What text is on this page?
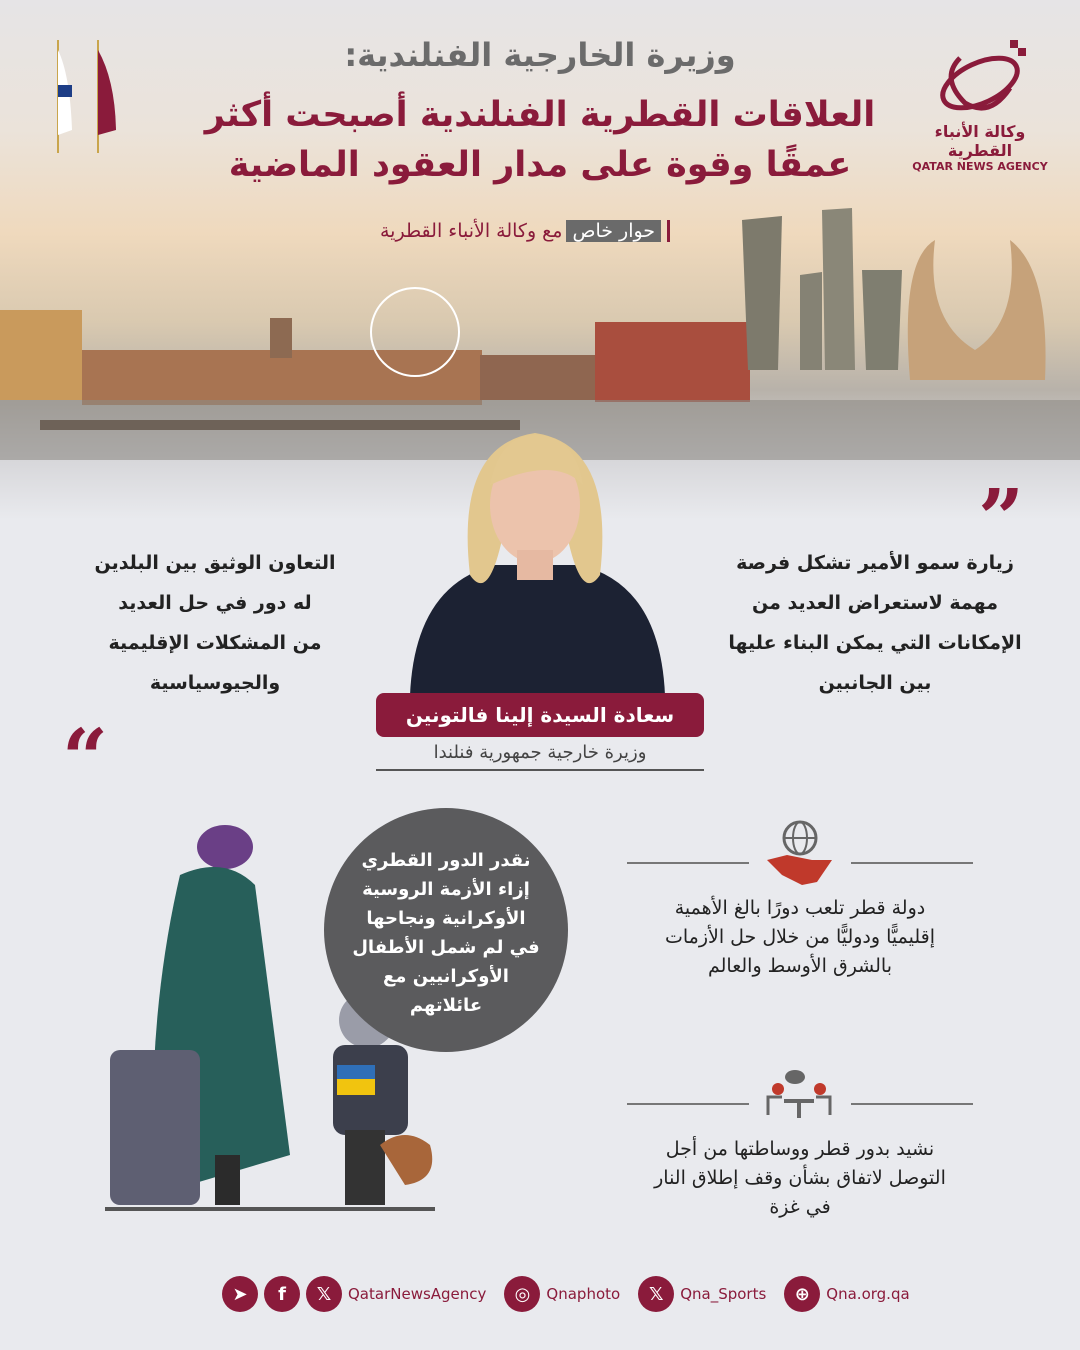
وكالة الأنباء القطرية
QATAR NEWS AGENCY
وزيرة الخارجية الفنلندية:
العلاقات القطرية الفنلندية أصبحت أكثر
عمقًا وقوة على مدار العقود الماضية
حوار خاص
مع وكالة الأنباء القطرية
”
زيارة سمو الأمير تشكل فرصة
مهمة لاستعراض العديد من
الإمكانات التي يمكن البناء عليها
بين الجانبين
التعاون الوثيق بين البلدين
له دور في حل العديد
من المشكلات الإقليمية
والجيوسياسية
“	سعادة السيدة إلينا فالتونين
وزيرة خارجية جمهورية فنلندا
نقدر الدور القطري
إزاء الأزمة الروسية
الأوكرانية ونجاحها
في لم شمل الأطفال
الأوكرانيين مع
عائلاتهم
دولة قطر تلعب دورًا بالغ الأهمية
إقليميًّا ودوليًّا من خلال حل الأزمات
بالشرق الأوسط والعالم
نشيد بدور قطر ووساطتها من أجل
التوصل لاتفاق بشأن وقف إطلاق النار
في غزة
➤	f	𝕏	QatarNewsAgency	◎	Qnaphoto	𝕏	Qna_Sports	⊕	Qna.org.qa
